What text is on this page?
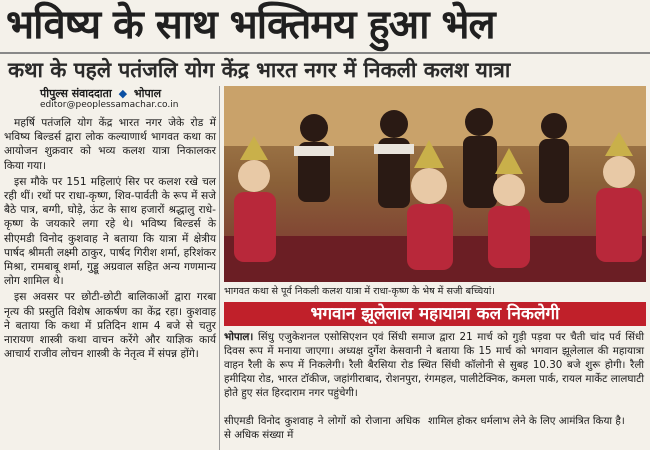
भविष्य के साथ भक्तिमय हुआ भेल
कथा के पहले पतंजलि योग केंद्र भारत नगर में निकली कलश यात्रा
पीपुल्स संवाददाता ◆ भोपाल
editor@peoplessamachar.co.in

महर्षि पतंजलि योग केंद्र भारत नगर जेके रोड में भविष्य बिल्डर्स द्वारा लोक कल्याणार्थ भागवत कथा का आयोजन शुक्रवार को भव्य कलश यात्रा निकालकर किया गया।

इस मौके पर 151 महिलाएं सिर पर कलश रखे चल रही थीं। रथों पर राधा-कृष्ण, शिव-पार्वती के रूप में सजे बैठे पात्र, बग्गी, घोड़े, ऊंट के साथ हजारों श्रद्धालु राधे-कृष्ण के जयकारे लगा रहे थे। भविष्य बिल्डर्स के सीएमडी विनोद कुशवाह ने बताया कि यात्रा में क्षेत्रीय पार्षद श्रीमती लक्ष्मी ठाकुर, पार्षद गिरीश शर्मा, हरिशंकर मिश्रा, रामबाबू शर्मा, गुड्डू अग्रवाल सहित अन्य गणमान्य लोग शामिल थे।

इस अवसर पर छोटी-छोटी बालिकाओं द्वारा गरबा नृत्य की प्रस्तुति विशेष आकर्षण का केंद्र रहा। कुशवाह ने बताया कि कथा में प्रतिदिन शाम 4 बजे से चतुर नारायण शास्त्री कथा वाचन करेंगे और याज्ञिक कार्य आचार्य राजीव लोचन शास्त्री के नेतृत्व में संपन्न होंगे।

भागवत कथा से पूर्व निकली कलश यात्रा में राधा-कृष्ण के भेष में सजी बच्चियां।
भगवान झूलेलाल महायात्रा कल निकलेगी
भोपाल। सिंधु एजुकेशनल एसोसिएशन एवं सिंधी समाज द्वारा 21 मार्च को गुड़ी पड़वा पर चैती चांद पर्व सिंधी दिवस रूप में मनाया जाएगा। अध्यक्ष दुर्गेश केसवानी ने बताया कि 15 मार्च को भगवान झूलेलाल की महायात्रा वाहन रैली के रूप में निकलेगी। रैली बैरसिया रोड स्थित सिंधी कॉलोनी से सुबह 10.30 बजे शुरू होगी। रैली हमीदिया रोड, भारत टॉकीज, जहांगीराबाद, रोशनपुरा, रंगमहल, पालीटेक्निक, कमला पार्क, रायल मार्केट लालघाटी होते हुए संत हिरदाराम नगर पहुंचेगी।
सीएमडी विनोद कुशवाह ने लोगों को रोजाना अधिक से अधिक संख्या में
शामिल होकर धर्मलाभ लेने के लिए आमंत्रित किया है।
